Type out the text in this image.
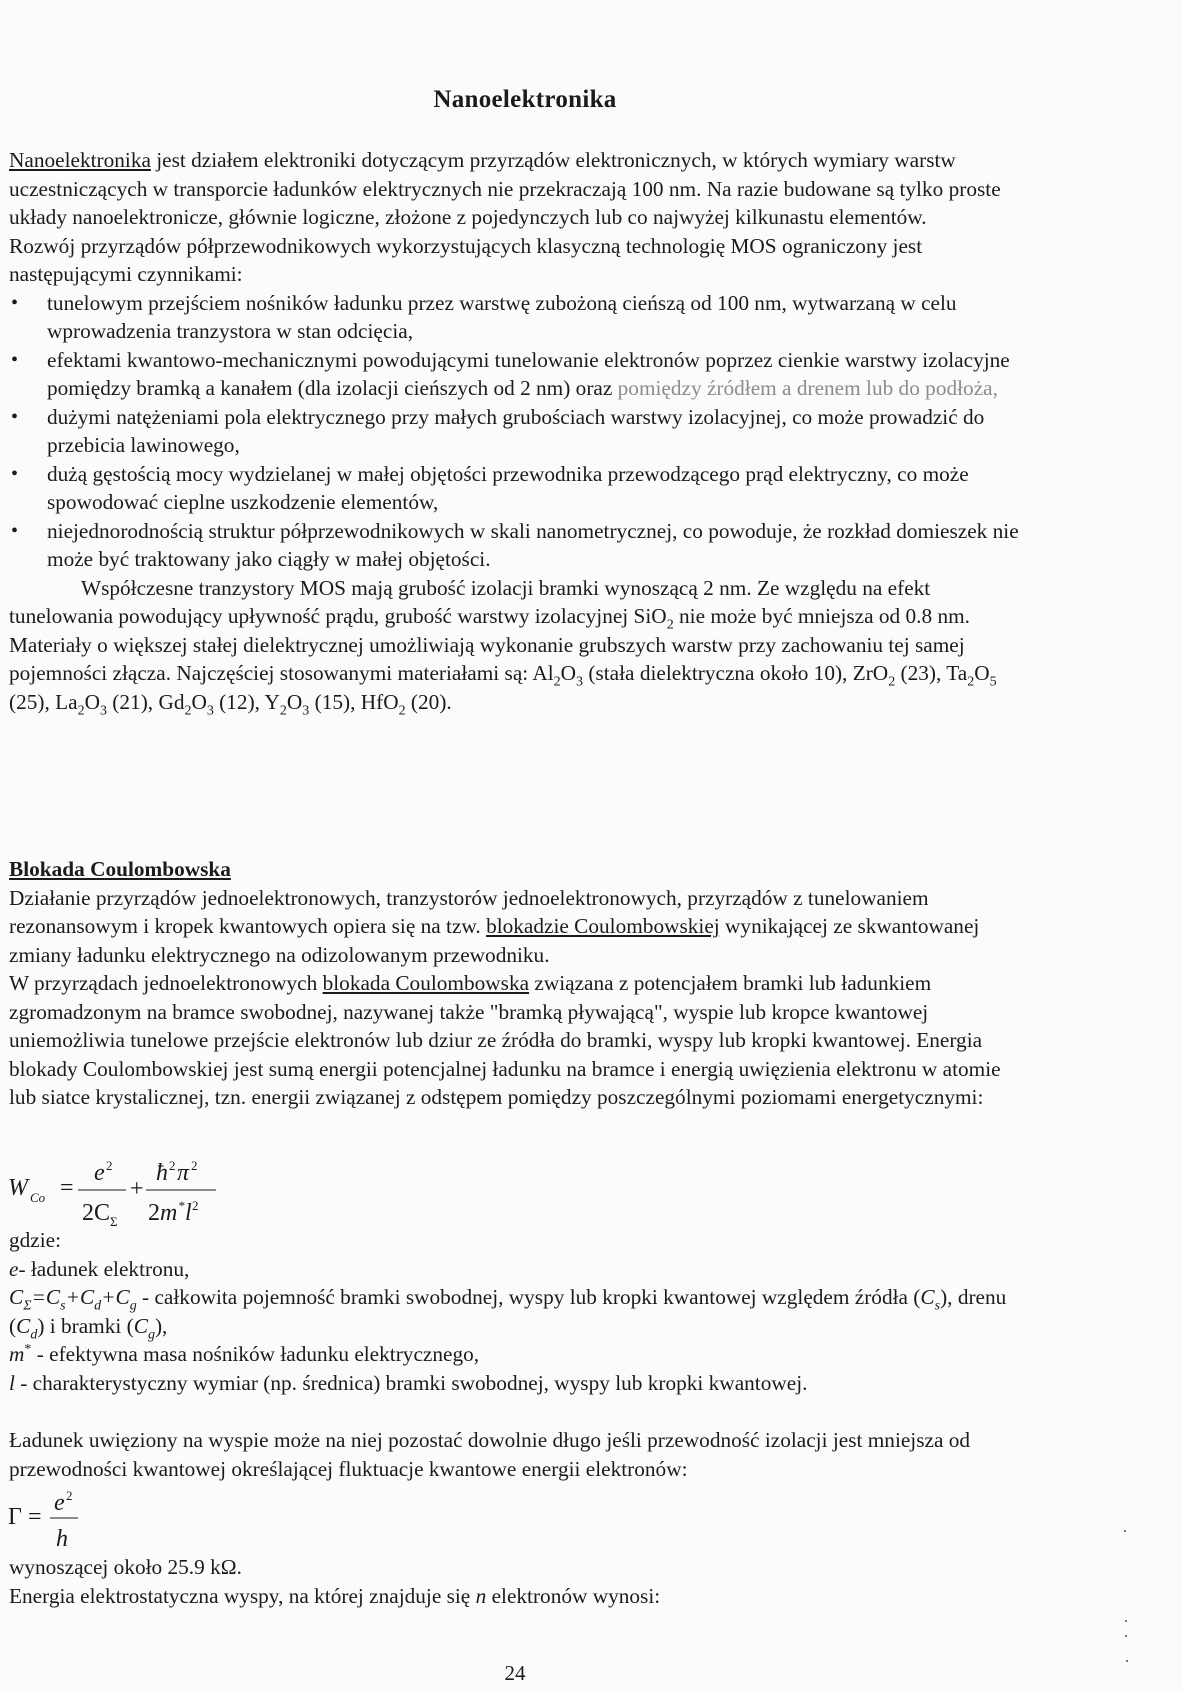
Nanoelektronika

Nanoelektronika jest działem elektroniki dotyczącym przyrządów elektronicznych, w których wymiary warstw uczestniczących w transporcie ładunków elektrycznych nie przekraczają 100 nm. Na razie budowane są tylko proste układy nanoelektronicze, głównie logiczne, złożone z pojedynczych lub co najwyżej kilkunastu elementów.

Rozwój przyrządów półprzewodnikowych wykorzystujących klasyczną technologię MOS ograniczony jest następującymi czynnikami:

• tunelowym przejściem nośników ładunku przez warstwę zubożoną cieńszą od 100 nm, wytwarzaną w celu wprowadzenia tranzystora w stan odcięcia,
• efektami kwantowo-mechanicznymi powodującymi tunelowanie elektronów poprzez cienkie warstwy izolacyjne pomiędzy bramką a kanałem (dla izolacji cieńszych od 2 nm) oraz pomiędzy źródłem a drenem lub do podłoża,
• dużymi natężeniami pola elektrycznego przy małych grubościach warstwy izolacyjnej, co może prowadzić do przebicia lawinowego,
• dużą gęstością mocy wydzielanej w małej objętości przewodnika przewodzącego prąd elektryczny, co może spowodować cieplne uszkodzenie elementów,
• niejednorodnością struktur półprzewodnikowych w skali nanometrycznej, co powoduje, że rozkład domieszek nie może być traktowany jako ciągły w małej objętości.

Współczesne tranzystory MOS mają grubość izolacji bramki wynoszącą 2 nm. Ze względu na efekt tunelowania powodujący upływność prądu, grubość warstwy izolacyjnej SiO$_2$ nie może być mniejsza od 0.8 nm. Materiały o większej stałej dielektrycznej umożliwiają wykonanie grubszych warstw przy zachowaniu tej samej pojemności złącza. Najczęściej stosowanymi materiałami są: $Al_2O_3$ (stała dielektryczna około 10), ZrO$_2$ (23), $Ta_2O_5$ (25), $La_2O_3$ (21), $Gd_2O_3$ (12), $Y_2O_3$ (15), HfO$_2$ (20).

Blokada Coulombowska

Działanie przyrządów jednoelektronowych, tranzystorów jednoelektronowych, przyrządów z tunelowaniem rezonansowym i kropek kwantowych opiera się na tzw. blokadzie Coulombowskiej wynikającej ze skwantowanej zmiany ładunku elektrycznego na odizolowanym przewodniku.

W przyrządach jednoelektronowych blokada Coulombowska związana z potencjałem bramki lub ładunkiem zgromadzonym na bramce swobodnej, nazywanej także "bramką pływającą", wyspie lub kropce kwantowej uniemożliwia tunelowe przejście elektronów lub dziur ze źródła do bramki, wyspy lub kropki kwantowej. Energia blokady Coulombowskiej jest sumą energii potencjalnej ładunku na bramce i energią uwięzienia elektronu w atomie lub siatce krystalicznej, tzn. energii związanej z odstępem pomiędzy poszczególnymi poziomami energetycznymi:

W Co =
e 2
2C Σ
+
ħ 2 π 2
2 m * l 2

gdzie:

e- ładunek elektronu,

$C_\Sigma=C_s+C_d+C_g$ - całkowita pojemność bramki swobodnej, wyspy lub kropki kwantowej względem źródła $(C_s)$, drenu $(C_d)$ i bramki $(C_g)$,

m* - efektywna masa nośników ładunku elektrycznego,

l - charakterystyczny wymiar (np. średnica) bramki swobodnej, wyspy lub kropki kwantowej.

Ładunek uwięziony na wyspie może na niej pozostać dowolnie długo jeśli przewodność izolacji jest mniejsza od przewodności kwantowej określającej fluktuacje kwantowe energii elektronów:
Γ =
e 2
h

wynoszącej około 25.9 kΩ.

Energia elektrostatyczna wyspy, na której znajduje się n elektronów wynosi:

24
